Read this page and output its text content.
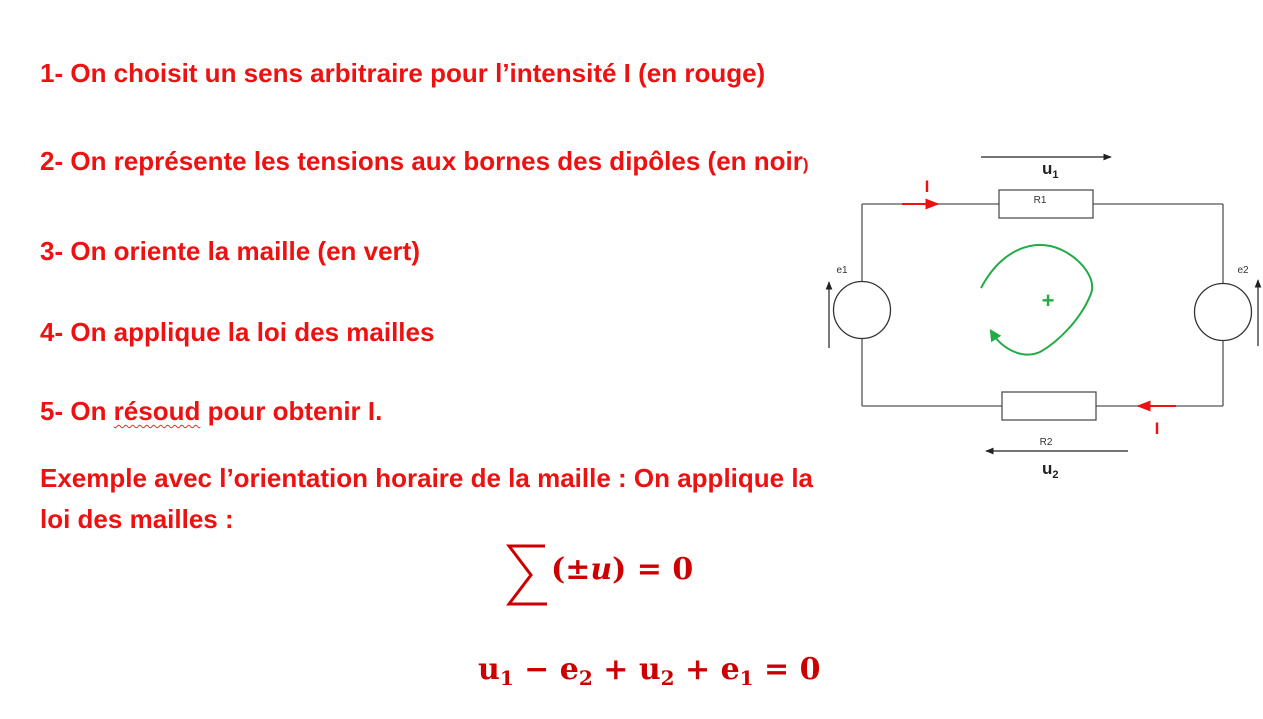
1- On choisit un sens arbitraire pour l’intensité I (en rouge)

2- On représente les tensions aux bornes des dipôles (en noir)

3- On oriente la maille (en vert)

4- On applique la loi des mailles

5- On résoud pour obtenir I.

Exemple avec l’orientation horaire de la maille : On applique la
loi des mailles :

(±u) = 0
$u_1 - e_2 + u_2 + e_1 = 0$
R1
R2
e1	e2
$u_1$
$u_2$
I
I
+
